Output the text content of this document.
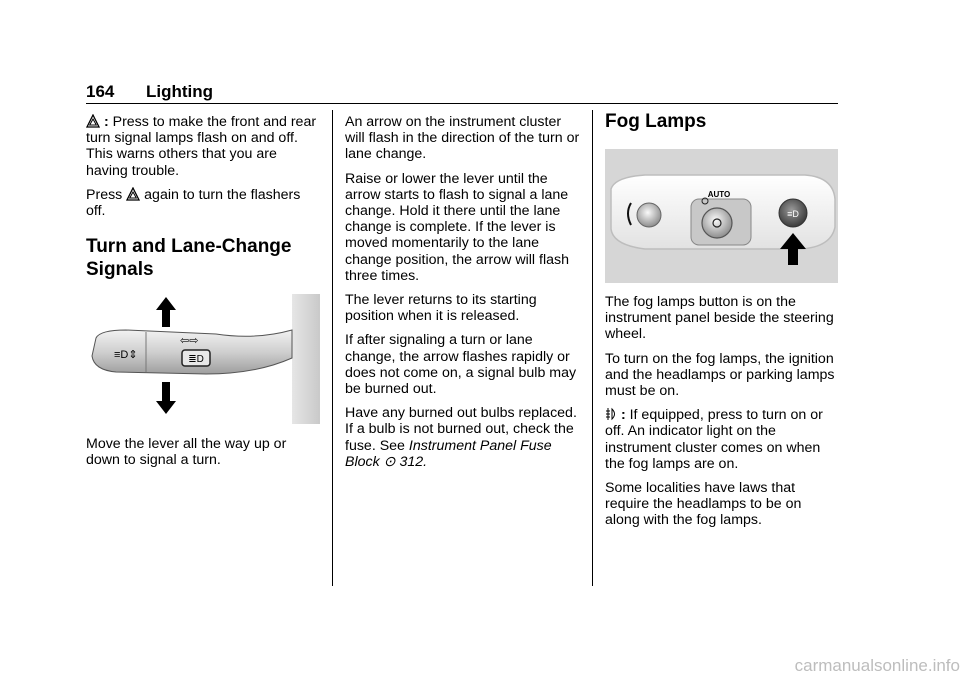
164 Lighting

: Press to make the front and rear turn signal lamps flash on and off. This warns others that you are having trouble.

Press again to turn the flashers off.

Turn and Lane-Change Signals
≣D
≡D⇕
⇦⇨

Move the lever all the way up or down to signal a turn.

An arrow on the instrument cluster will flash in the direction of the turn or lane change.

Raise or lower the lever until the arrow starts to flash to signal a lane change. Hold it there until the lane change is complete. If the lever is moved momentarily to the lane change position, the arrow will flash three times.

The lever returns to its starting position when it is released.

If after signaling a turn or lane change, the arrow flashes rapidly or does not come on, a signal bulb may be burned out.

Have any burned out bulbs replaced. If a bulb is not burned out, check the fuse. See Instrument Panel Fuse Block ⊙ 312.

Fog Lamps
AUTO
≡D

The fog lamps button is on the instrument panel beside the steering wheel.

To turn on the fog lamps, the ignition and the headlamps or parking lamps must be on.

: If equipped, press to turn on or off. An indicator light on the instrument cluster comes on when the fog lamps are on.

Some localities have laws that require the headlamps to be on along with the fog lamps.

carmanualsonline.info
